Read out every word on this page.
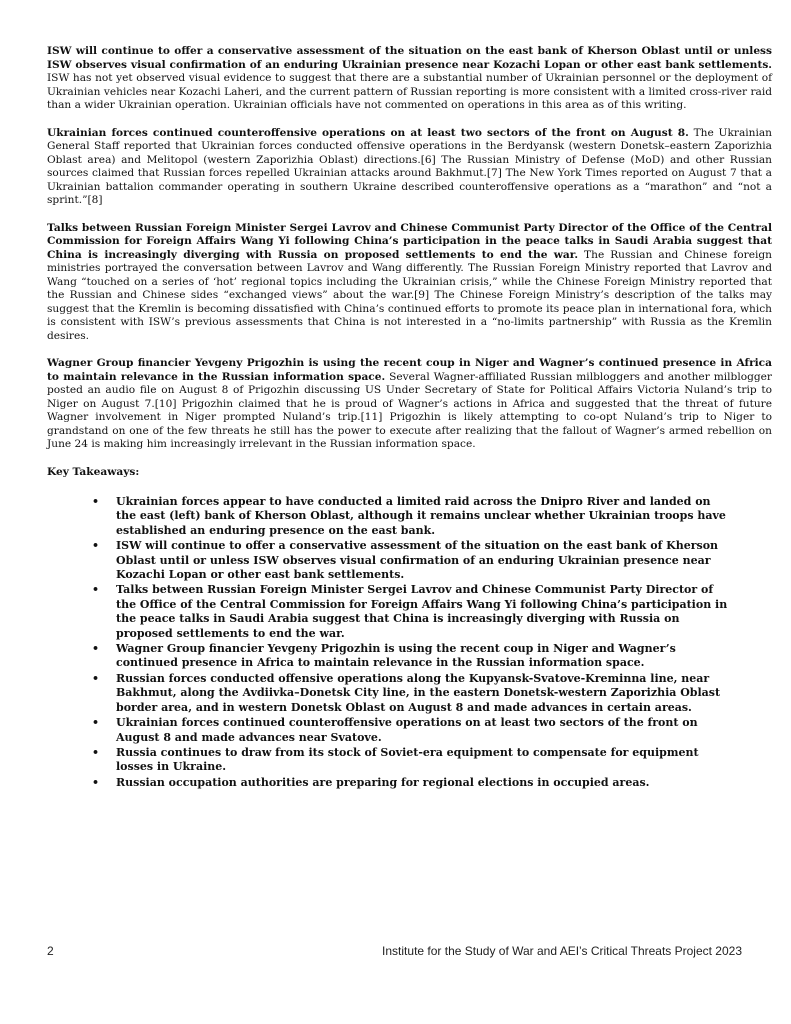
ISW will continue to offer a conservative assessment of the situation on the east bank of Kherson Oblast until or unless ISW observes visual confirmation of an enduring Ukrainian presence near Kozachi Lopan or other east bank settlements. ISW has not yet observed visual evidence to suggest that there are a substantial number of Ukrainian personnel or the deployment of Ukrainian vehicles near Kozachi Laheri, and the current pattern of Russian reporting is more consistent with a limited cross-river raid than a wider Ukrainian operation. Ukrainian officials have not commented on operations in this area as of this writing.

Ukrainian forces continued counteroffensive operations on at least two sectors of the front on August 8. The Ukrainian General Staff reported that Ukrainian forces conducted offensive operations in the Berdyansk (western Donetsk–eastern Zaporizhia Oblast area) and Melitopol (western Zaporizhia Oblast) directions.[6] The Russian Ministry of Defense (MoD) and other Russian sources claimed that Russian forces repelled Ukrainian attacks around Bakhmut.[7] The New York Times reported on August 7 that a Ukrainian battalion commander operating in southern Ukraine described counteroffensive operations as a “marathon” and “not a sprint.”[8]

Talks between Russian Foreign Minister Sergei Lavrov and Chinese Communist Party Director of the Office of the Central Commission for Foreign Affairs Wang Yi following China’s participation in the peace talks in Saudi Arabia suggest that China is increasingly diverging with Russia on proposed settlements to end the war. The Russian and Chinese foreign ministries portrayed the conversation between Lavrov and Wang differently. The Russian Foreign Ministry reported that Lavrov and Wang “touched on a series of ‘hot’ regional topics including the Ukrainian crisis,” while the Chinese Foreign Ministry reported that the Russian and Chinese sides “exchanged views” about the war.[9] The Chinese Foreign Ministry’s description of the talks may suggest that the Kremlin is becoming dissatisfied with China’s continued efforts to promote its peace plan in international fora, which is consistent with ISW’s previous assessments that China is not interested in a “no-limits partnership” with Russia as the Kremlin desires.

Wagner Group financier Yevgeny Prigozhin is using the recent coup in Niger and Wagner’s continued presence in Africa to maintain relevance in the Russian information space. Several Wagner-affiliated Russian milbloggers and another milblogger posted an audio file on August 8 of Prigozhin discussing US Under Secretary of State for Political Affairs Victoria Nuland’s trip to Niger on August 7.[10] Prigozhin claimed that he is proud of Wagner’s actions in Africa and suggested that the threat of future Wagner involvement in Niger prompted Nuland’s trip.[11] Prigozhin is likely attempting to co-opt Nuland’s trip to Niger to grandstand on one of the few threats he still has the power to execute after realizing that the fallout of Wagner’s armed rebellion on June 24 is making him increasingly irrelevant in the Russian information space.

Key Takeaways:
• Ukrainian forces appear to have conducted a limited raid across the Dnipro River and landed on the east (left) bank of Kherson Oblast, although it remains unclear whether Ukrainian troops have established an enduring presence on the east bank.
• ISW will continue to offer a conservative assessment of the situation on the east bank of Kherson Oblast until or unless ISW observes visual confirmation of an enduring Ukrainian presence near Kozachi Lopan or other east bank settlements.
• Talks between Russian Foreign Minister Sergei Lavrov and Chinese Communist Party Director of the Office of the Central Commission for Foreign Affairs Wang Yi following China’s participation in the peace talks in Saudi Arabia suggest that China is increasingly diverging with Russia on proposed settlements to end the war.
• Wagner Group financier Yevgeny Prigozhin is using the recent coup in Niger and Wagner’s continued presence in Africa to maintain relevance in the Russian information space.
• Russian forces conducted offensive operations along the Kupyansk-Svatove-Kreminna line, near Bakhmut, along the Avdiivka–Donetsk City line, in the eastern Donetsk-western Zaporizhia Oblast border area, and in western Donetsk Oblast on August 8 and made advances in certain areas.
• Ukrainian forces continued counteroffensive operations on at least two sectors of the front on August 8 and made advances near Svatove.
• Russia continues to draw from its stock of Soviet-era equipment to compensate for equipment losses in Ukraine.
• Russian occupation authorities are preparing for regional elections in occupied areas.
2	Institute for the Study of War and AEI’s Critical Threats Project 2023
